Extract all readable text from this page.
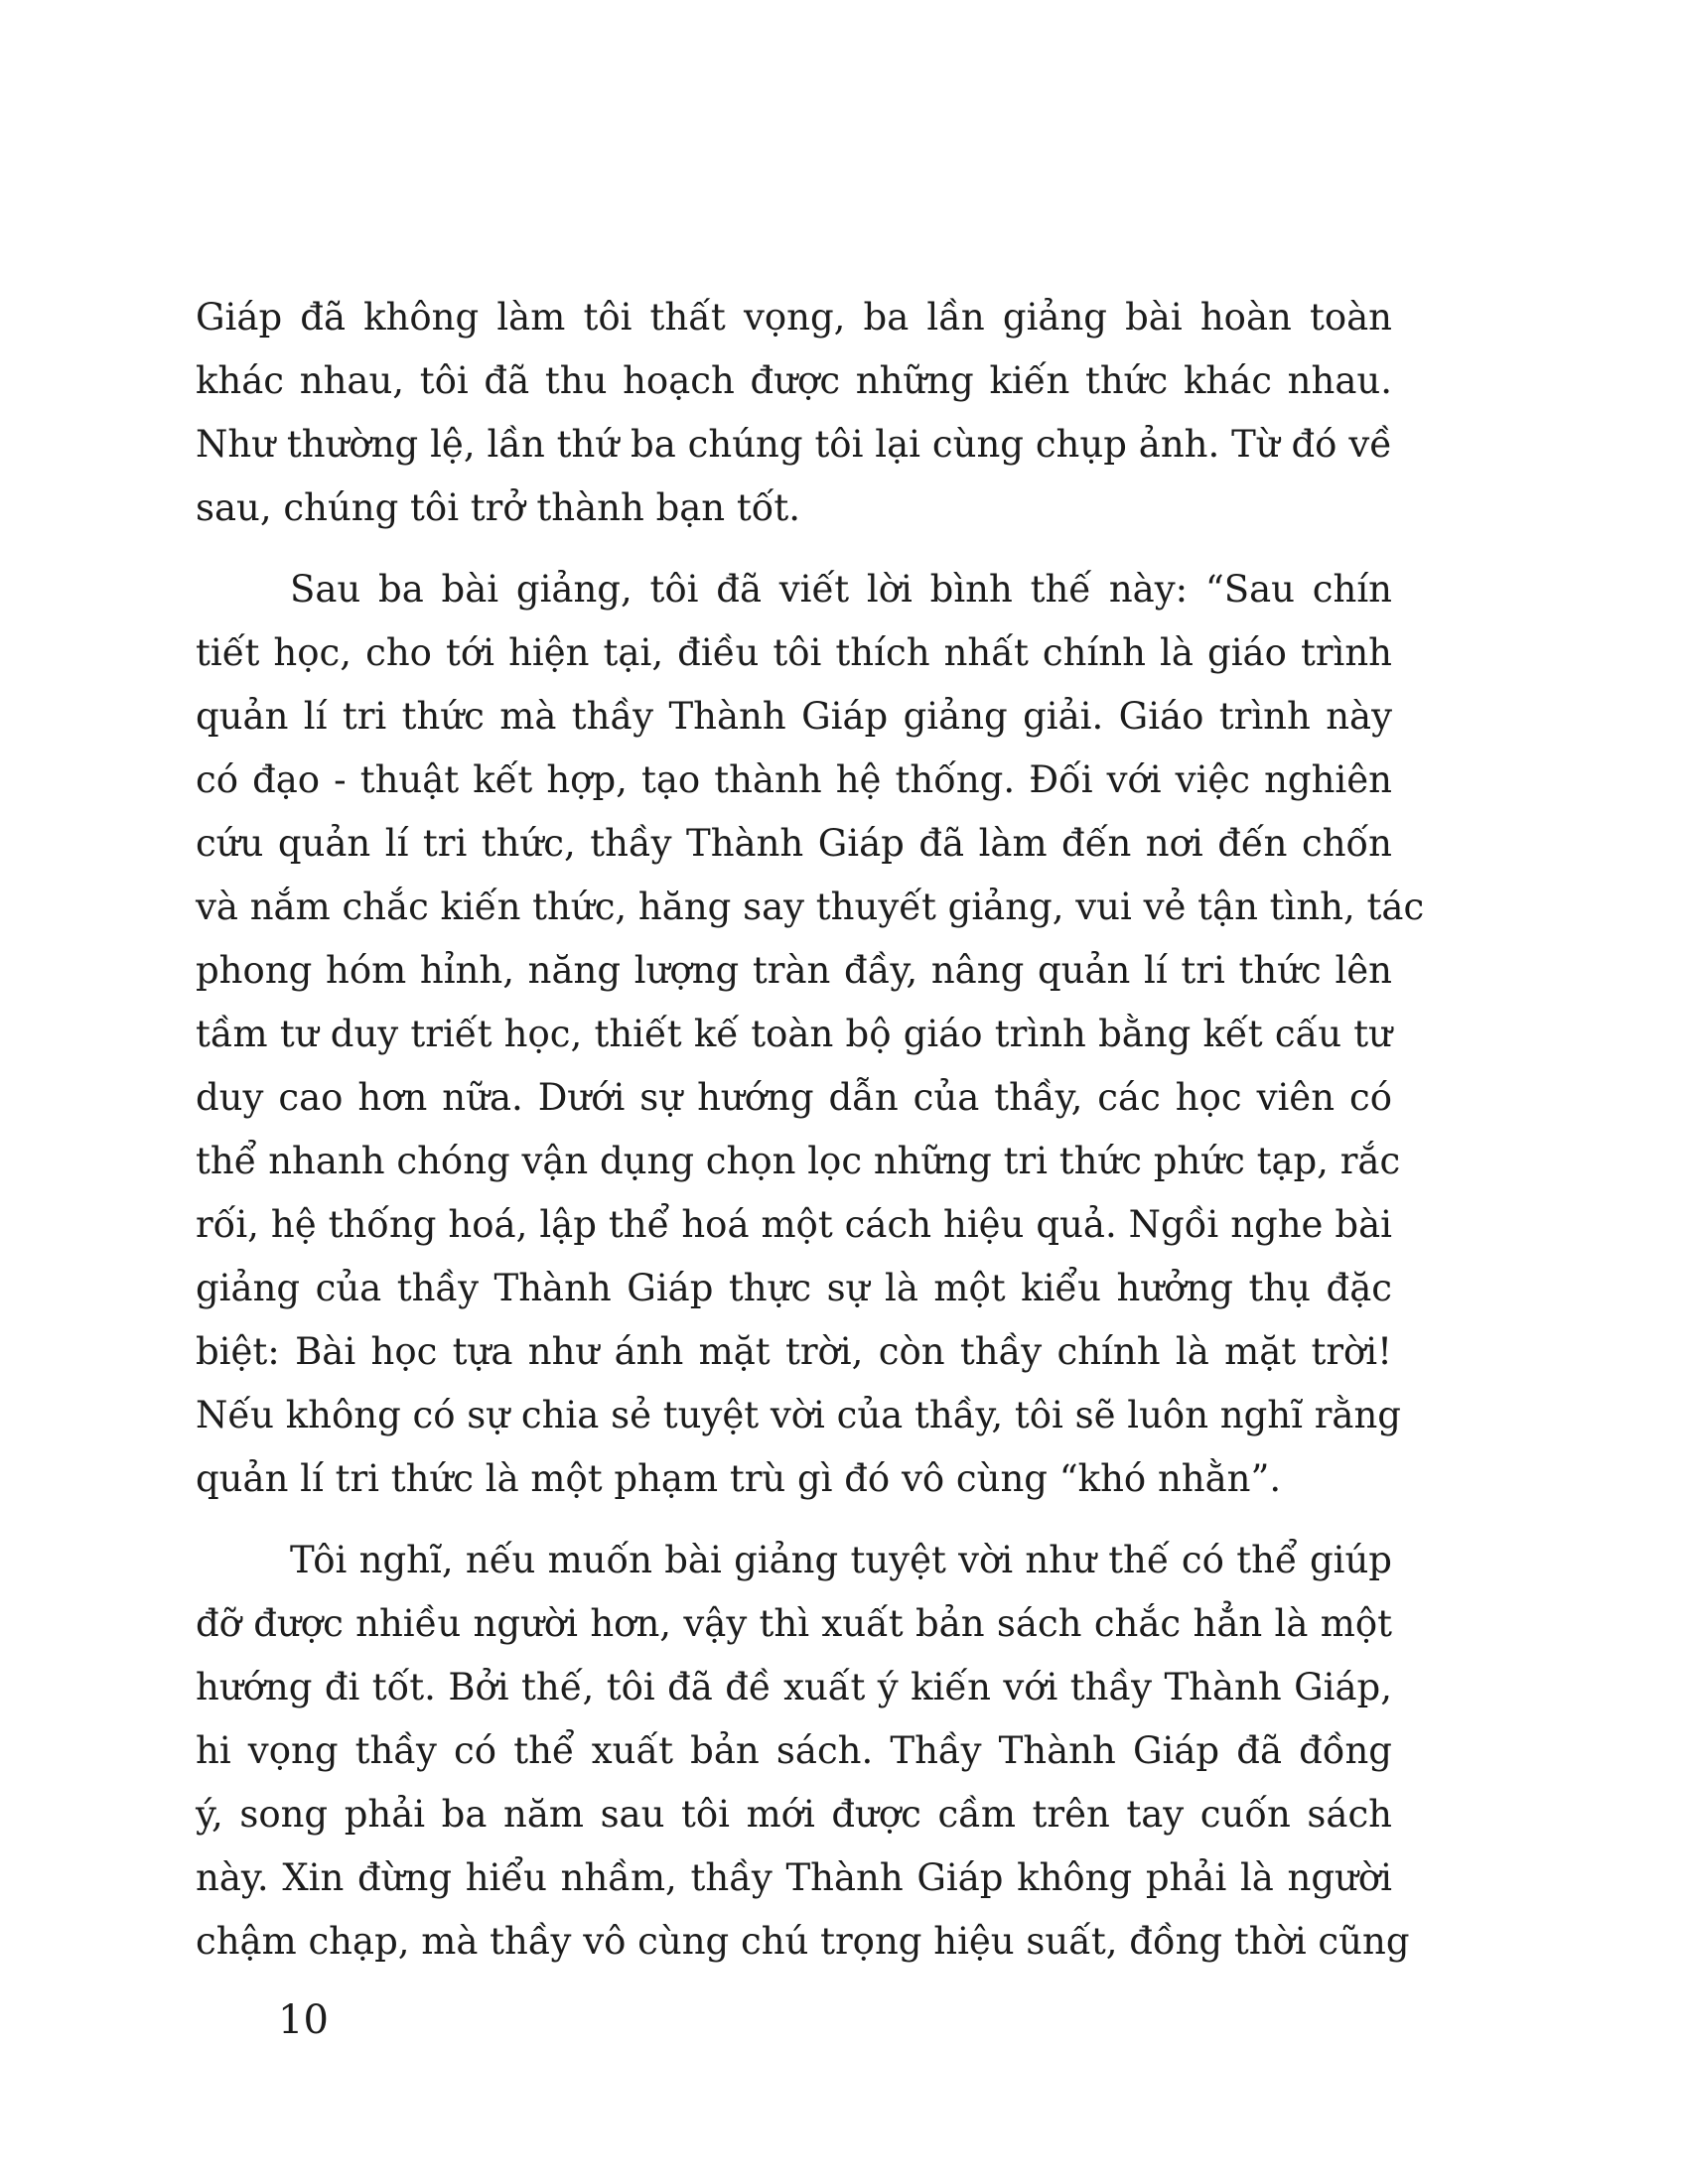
Giáp đã không làm tôi thất vọng, ba lần giảng bài hoàn toàn
khác nhau, tôi đã thu hoạch được những kiến thức khác nhau.
Như thường lệ, lần thứ ba chúng tôi lại cùng chụp ảnh. Từ đó về
sau, chúng tôi trở thành bạn tốt.
Sau ba bài giảng, tôi đã viết lời bình thế này: “Sau chín
tiết học, cho tới hiện tại, điều tôi thích nhất chính là giáo trình
quản lí tri thức mà thầy Thành Giáp giảng giải. Giáo trình này
có đạo - thuật kết hợp, tạo thành hệ thống. Đối với việc nghiên
cứu quản lí tri thức, thầy Thành Giáp đã làm đến nơi đến chốn
và nắm chắc kiến thức, hăng say thuyết giảng, vui vẻ tận tình, tác
phong hóm hỉnh, năng lượng tràn đầy, nâng quản lí tri thức lên
tầm tư duy triết học, thiết kế toàn bộ giáo trình bằng kết cấu tư
duy cao hơn nữa. Dưới sự hướng dẫn của thầy, các học viên có
thể nhanh chóng vận dụng chọn lọc những tri thức phức tạp, rắc
rối, hệ thống hoá, lập thể hoá một cách hiệu quả. Ngồi nghe bài
giảng của thầy Thành Giáp thực sự là một kiểu hưởng thụ đặc
biệt: Bài học tựa như ánh mặt trời, còn thầy chính là mặt trời!
Nếu không có sự chia sẻ tuyệt vời của thầy, tôi sẽ luôn nghĩ rằng
quản lí tri thức là một phạm trù gì đó vô cùng “khó nhằn”.
Tôi nghĩ, nếu muốn bài giảng tuyệt vời như thế có thể giúp
đỡ được nhiều người hơn, vậy thì xuất bản sách chắc hẳn là một
hướng đi tốt. Bởi thế, tôi đã đề xuất ý kiến với thầy Thành Giáp,
hi vọng thầy có thể xuất bản sách. Thầy Thành Giáp đã đồng
ý, song phải ba năm sau tôi mới được cầm trên tay cuốn sách
này. Xin đừng hiểu nhầm, thầy Thành Giáp không phải là người
chậm chạp, mà thầy vô cùng chú trọng hiệu suất, đồng thời cũng
10
